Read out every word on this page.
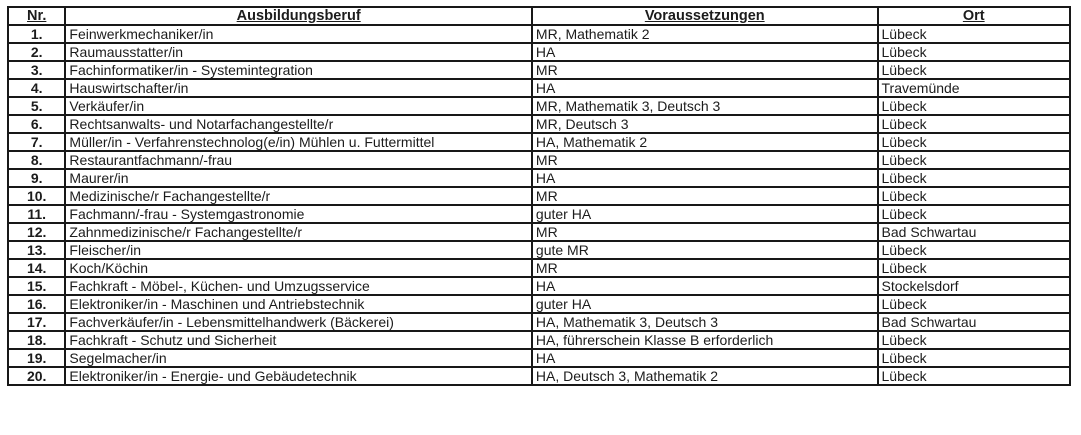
Nr.	Ausbildungsberuf	Voraussetzungen	Ort
1.	Feinwerkmechaniker/in	MR, Mathematik 2	Lübeck
2.	Raumausstatter/in	HA	Lübeck
3.	Fachinformatiker/in - Systemintegration	MR	Lübeck
4.	Hauswirtschafter/in	HA	Travemünde
5.	Verkäufer/in	MR, Mathematik 3, Deutsch 3	Lübeck
6.	Rechtsanwalts- und Notarfachangestellte/r	MR, Deutsch 3	Lübeck
7.	Müller/in - Verfahrenstechnolog(e/in) Mühlen u. Futtermittel	HA, Mathematik 2	Lübeck
8.	Restaurantfachmann/-frau	MR	Lübeck
9.	Maurer/in	HA	Lübeck
10.	Medizinische/r Fachangestellte/r	MR	Lübeck
11.	Fachmann/-frau - Systemgastronomie	guter HA	Lübeck
12.	Zahnmedizinische/r Fachangestellte/r	MR	Bad Schwartau
13.	Fleischer/in	gute MR	Lübeck
14.	Koch/Köchin	MR	Lübeck
15.	Fachkraft - Möbel-, Küchen- und Umzugsservice	HA	Stockelsdorf
16.	Elektroniker/in - Maschinen und Antriebstechnik	guter HA	Lübeck
17.	Fachverkäufer/in - Lebensmittelhandwerk (Bäckerei)	HA, Mathematik 3, Deutsch 3	Bad Schwartau
18.	Fachkraft - Schutz und Sicherheit	HA, führerschein Klasse B erforderlich	Lübeck
19.	Segelmacher/in	HA	Lübeck
20.	Elektroniker/in - Energie- und Gebäudetechnik	HA, Deutsch 3, Mathematik 2	Lübeck
